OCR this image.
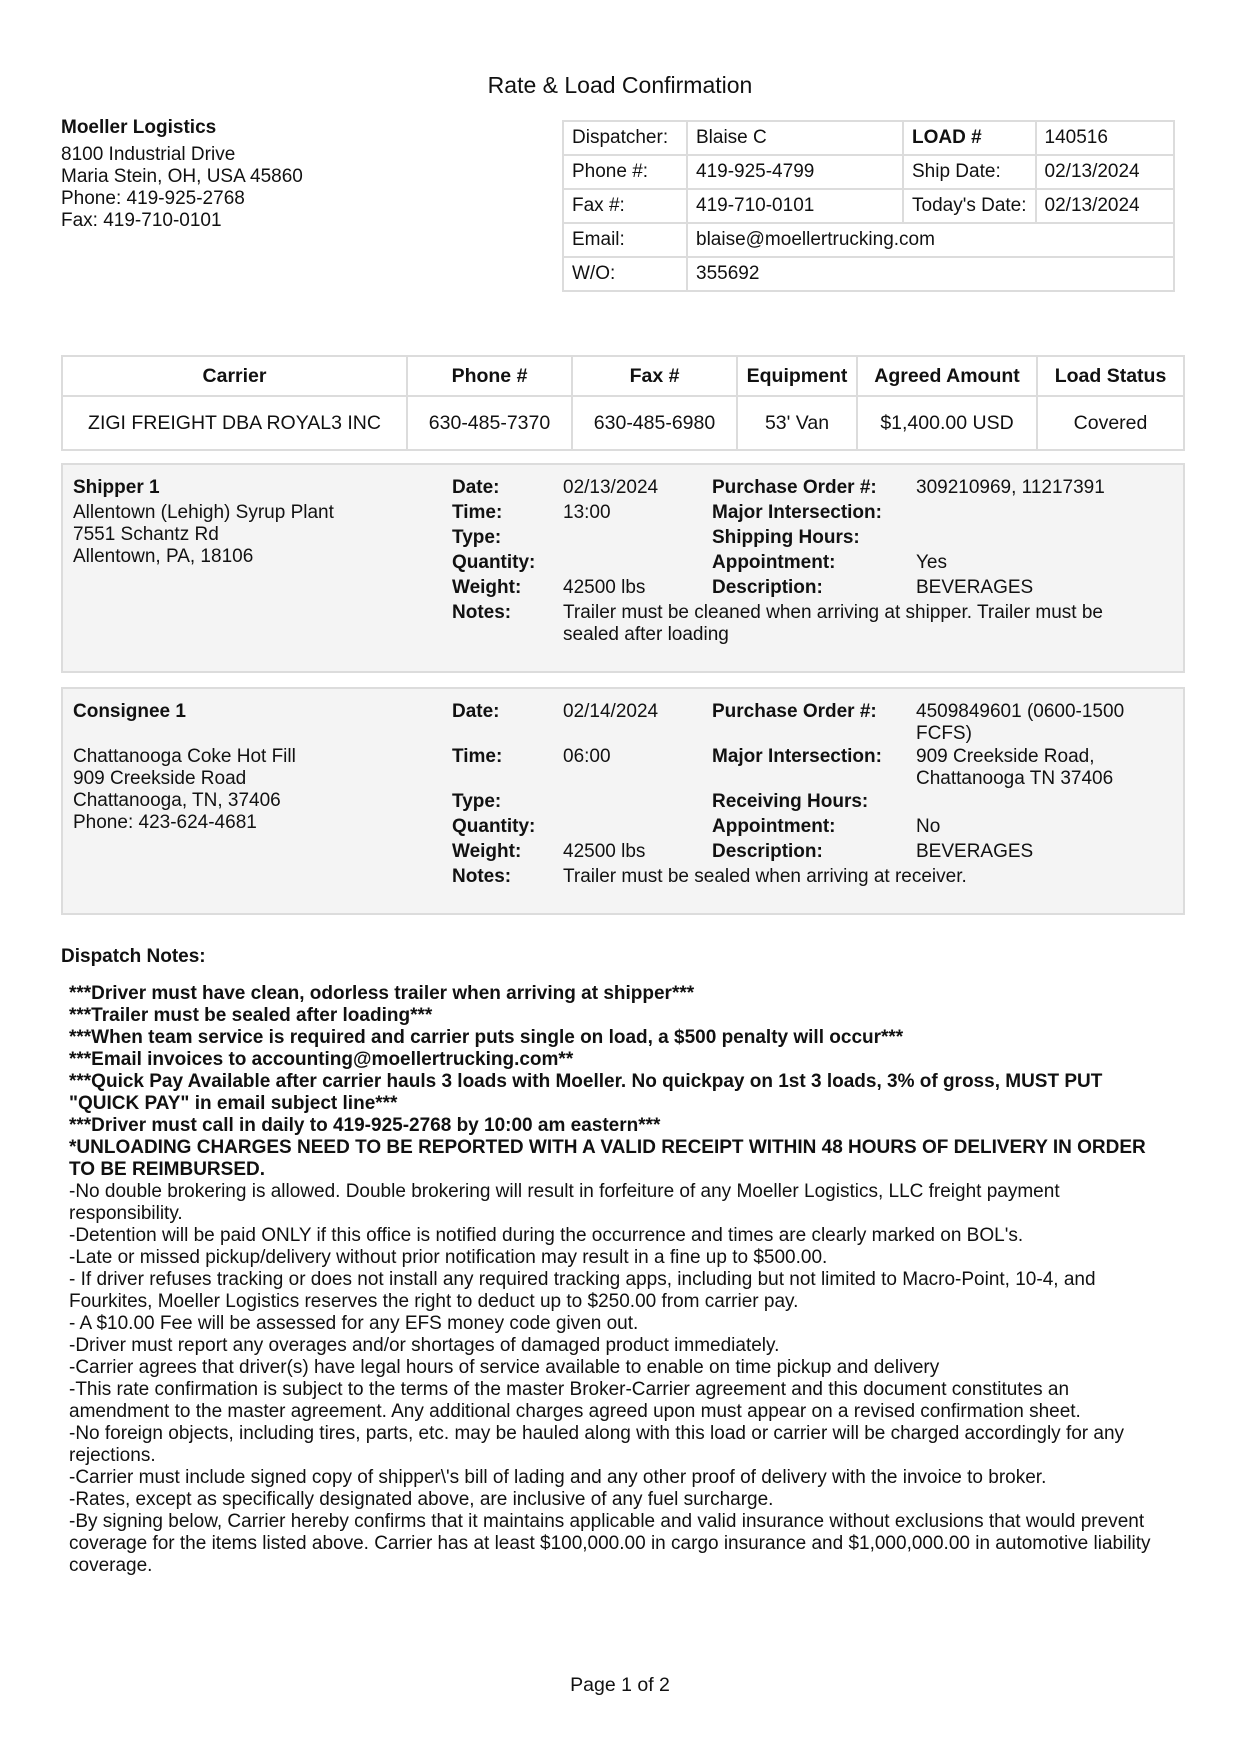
Rate & Load Confirmation
Moeller Logistics
8100 Industrial Drive
Maria Stein, OH, USA 45860
Phone: 419-925-2768
Fax: 419-710-0101
Dispatcher:	Blaise C	LOAD #	140516
Phone #:	419-925-4799	Ship Date:	02/13/2024
Fax #:	419-710-0101	Today's Date:	02/13/2024
Email:	blaise@moellertrucking.com		
W/O:	355692		
Carrier	Phone #	Fax #	Equipment	Agreed Amount	Load Status
ZIGI FREIGHT DBA ROYAL3 INC	630-485-7370	630-485-6980	53' Van	$1,400.00 USD	Covered
Shipper 1
Allentown (Lehigh) Syrup Plant
7551 Schantz Rd
Allentown, PA, 18106
Date:	02/13/2024
Time:	13:00
Type:
Quantity:
Weight: 42500 lbs
Notes:	Trailer must be cleaned when arriving at shipper. Trailer must be sealed after loading
Purchase Order #: 309210969, 11217391
Major Intersection:
Shipping Hours:
Appointment:	Yes
Description:	BEVERAGES
Consignee 1
Chattanooga Coke Hot Fill
909 Creekside Road
Chattanooga, TN, 37406
Phone: 423-624-4681
Date:	02/14/2024
Time:	06:00
Type:
Quantity:
Weight: 42500 lbs
Notes:	Trailer must be sealed when arriving at receiver.
Purchase Order #: 4509849601 (0600-1500 FCFS)
Major Intersection: 909 Creekside Road, Chattanooga TN 37406
Receiving Hours:
Appointment:	No
Description:	BEVERAGES
Dispatch Notes:
***Driver must have clean, odorless trailer when arriving at shipper***
***Trailer must be sealed after loading***
***When team service is required and carrier puts single on load, a $500 penalty will occur***
***Email invoices to accounting@moellertrucking.com**
***Quick Pay Available after carrier hauls 3 loads with Moeller. No quickpay on 1st 3 loads, 3% of gross, MUST PUT "QUICK PAY" in email subject line***
***Driver must call in daily to 419-925-2768 by 10:00 am eastern***
*UNLOADING CHARGES NEED TO BE REPORTED WITH A VALID RECEIPT WITHIN 48 HOURS OF DELIVERY IN ORDER TO BE REIMBURSED.
-No double brokering is allowed. Double brokering will result in forfeiture of any Moeller Logistics, LLC freight payment responsibility.
-Detention will be paid ONLY if this office is notified during the occurrence and times are clearly marked on BOL's.
-Late or missed pickup/delivery without prior notification may result in a fine up to $500.00.
- If driver refuses tracking or does not install any required tracking apps, including but not limited to Macro-Point, 10-4, and Fourkites, Moeller Logistics reserves the right to deduct up to $250.00 from carrier pay.
- A $10.00 Fee will be assessed for any EFS money code given out.
-Driver must report any overages and/or shortages of damaged product immediately.
-Carrier agrees that driver(s) have legal hours of service available to enable on time pickup and delivery
-This rate confirmation is subject to the terms of the master Broker-Carrier agreement and this document constitutes an amendment to the master agreement. Any additional charges agreed upon must appear on a revised confirmation sheet.
-No foreign objects, including tires, parts, etc. may be hauled along with this load or carrier will be charged accordingly for any rejections.
-Carrier must include signed copy of shipper\'s bill of lading and any other proof of delivery with the invoice to broker.
-Rates, except as specifically designated above, are inclusive of any fuel surcharge.
-By signing below, Carrier hereby confirms that it maintains applicable and valid insurance without exclusions that would prevent coverage for the items listed above. Carrier has at least $100,000.00 in cargo insurance and $1,000,000.00 in automotive liability coverage.
Page 1 of 2
